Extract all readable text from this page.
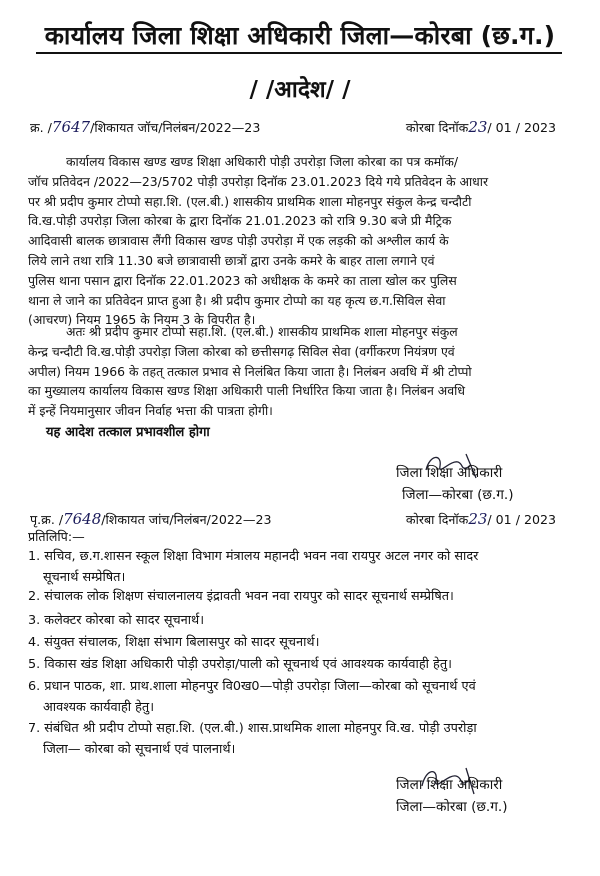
कार्यालय जिला शिक्षा अधिकारी जिला—कोरबा (छ.ग.)
/ /आदेश/ /
क्र. /7647/शिकायत जॉच/निलंबन/2022—23	कोरबा दिनॉक23/ 01 / 2023
कार्यालय विकास खण्ड खण्ड शिक्षा अधिकारी पोड़ी उपरोड़ा जिला कोरबा का पत्र कमॉक/
जॉच प्रतिवेदन /2022—23/5702 पोड़ी उपरोड़ा दिनॉक 23.01.2023 दिये गये प्रतिवेदन के आधार
पर श्री प्रदीप कुमार टोप्पो सहा.शि. (एल.बी.) शासकीय प्राथमिक शाला मोहनपुर संकुल केन्द्र चन्दौटी
वि.ख.पोड़ी उपरोड़ा जिला कोरबा के द्वारा दिनॉक 21.01.2023 को रात्रि 9.30 बजे प्री मैट्रिक
आदिवासी बालक छात्रावास लैंगी विकास खण्ड पोड़ी उपरोड़ा में एक लड़की को अश्लील कार्य के
लिये लाने तथा रात्रि 11.30 बजे छात्रावासी छात्रों द्वारा उनके कमरे के बाहर ताला लगाने एवं
पुलिस थाना पसान द्वारा दिनॉक 22.01.2023 को अधीक्षक के कमरे का ताला खोल कर पुलिस
थाना ले जाने का प्रतिवेदन प्राप्त हुआ है। श्री प्रदीप कुमार टोप्पो का यह कृत्य छ.ग.सिविल सेवा
(आचरण) नियम 1965 के नियम 3 के विपरीत है।
अतः श्री प्रदीप कुमार टोप्पो सहा.शि. (एल.बी.) शासकीय प्राथमिक शाला मोहनपुर संकुल
केन्द्र चन्दौटी वि.ख.पोड़ी उपरोड़ा जिला कोरबा को छत्तीसगढ़ सिविल सेवा (वर्गीकरण नियंत्रण एवं
अपील) नियम 1966 के तहत् तत्काल प्रभाव से निलंबित किया जाता है। निलंबन अवधि में श्री टोप्पो
का मुख्यालय कार्यालय विकास खण्ड शिक्षा अधिकारी पाली निर्धारित किया जाता है। निलंबन अवधि
में इन्हें नियमानुसार जीवन निर्वाह भत्ता की पात्रता होगी।
यह आदेश तत्काल प्रभावशील होगा
जिला शिक्षा अधिकारी
जिला—कोरबा (छ.ग.)
पृ.क्र. /7648/शिकायत जांच/निलंबन/2022—23	कोरबा दिनॉक23/ 01 / 2023
प्रतिलिपि:—
1. सचिव, छ.ग.शासन स्कूल शिक्षा विभाग मंत्रालय महानदी भवन नवा रायपुर अटल नगर को सादर
सूचनार्थ सम्प्रेषित।
2. संचालक लोक शिक्षण संचालनालय इंद्रावती भवन नवा रायपुर को सादर सूचनार्थ सम्प्रेषित।
3. कलेक्टर कोरबा को सादर सूचनार्थ।
4. संयुक्त संचालक, शिक्षा संभाग बिलासपुर को सादर सूचनार्थ।
5. विकास खंड शिक्षा अधिकारी पोड़ी उपरोड़ा/पाली को सूचनार्थ एवं आवश्यक कार्यवाही हेतु।
6. प्रधान पाठक, शा. प्राथ.शाला मोहनपुर वि0ख0—पोड़ी उपरोड़ा जिला—कोरबा को सूचनार्थ एवं
आवश्यक कार्यवाही हेतु।
7. संबंधित श्री प्रदीप टोप्पो सहा.शि. (एल.बी.) शास.प्राथमिक शाला मोहनपुर वि.ख. पोड़ी उपरोड़ा
जिला— कोरबा को सूचनार्थ एवं पालनार्थ।
जिला शिक्षा अधिकारी
जिला—कोरबा (छ.ग.)
